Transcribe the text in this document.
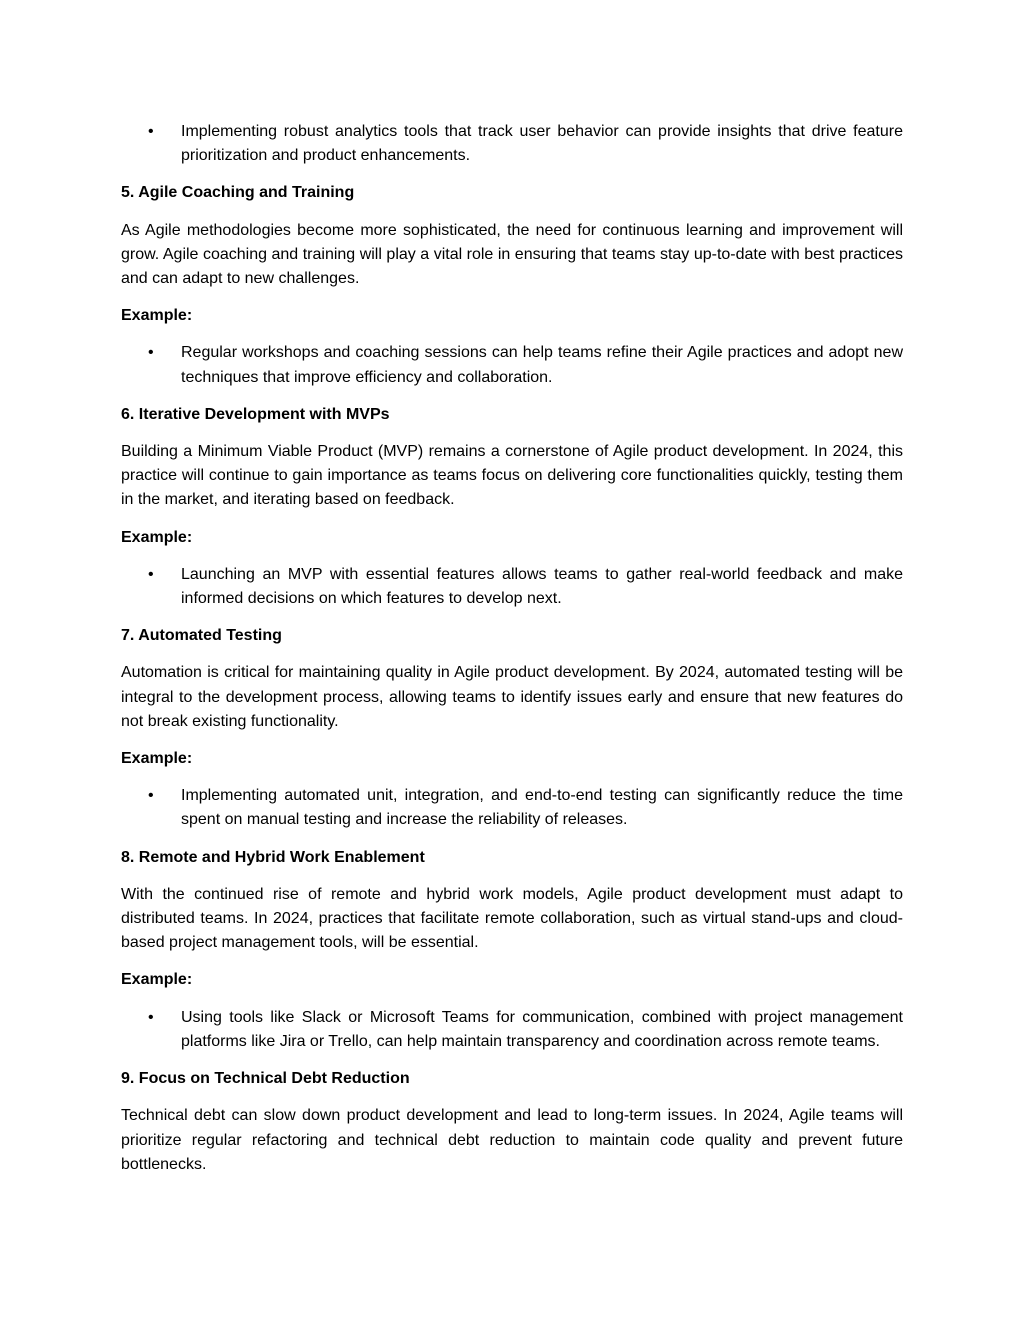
• Implementing robust analytics tools that track user behavior can provide insights that drive feature prioritization and product enhancements.
5. Agile Coaching and Training

As Agile methodologies become more sophisticated, the need for continuous learning and improvement will grow. Agile coaching and training will play a vital role in ensuring that teams stay up-to-date with best practices and can adapt to new challenges.

Example:
• Regular workshops and coaching sessions can help teams refine their Agile practices and adopt new techniques that improve efficiency and collaboration.
6. Iterative Development with MVPs

Building a Minimum Viable Product (MVP) remains a cornerstone of Agile product development. In 2024, this practice will continue to gain importance as teams focus on delivering core functionalities quickly, testing them in the market, and iterating based on feedback.

Example:
• Launching an MVP with essential features allows teams to gather real-world feedback and make informed decisions on which features to develop next.
7. Automated Testing

Automation is critical for maintaining quality in Agile product development. By 2024, automated testing will be integral to the development process, allowing teams to identify issues early and ensure that new features do not break existing functionality.

Example:
• Implementing automated unit, integration, and end-to-end testing can significantly reduce the time spent on manual testing and increase the reliability of releases.
8. Remote and Hybrid Work Enablement

With the continued rise of remote and hybrid work models, Agile product development must adapt to distributed teams. In 2024, practices that facilitate remote collaboration, such as virtual stand-ups and cloud-based project management tools, will be essential.

Example:
• Using tools like Slack or Microsoft Teams for communication, combined with project management platforms like Jira or Trello, can help maintain transparency and coordination across remote teams.
9. Focus on Technical Debt Reduction

Technical debt can slow down product development and lead to long-term issues. In 2024, Agile teams will prioritize regular refactoring and technical debt reduction to maintain code quality and prevent future bottlenecks.
